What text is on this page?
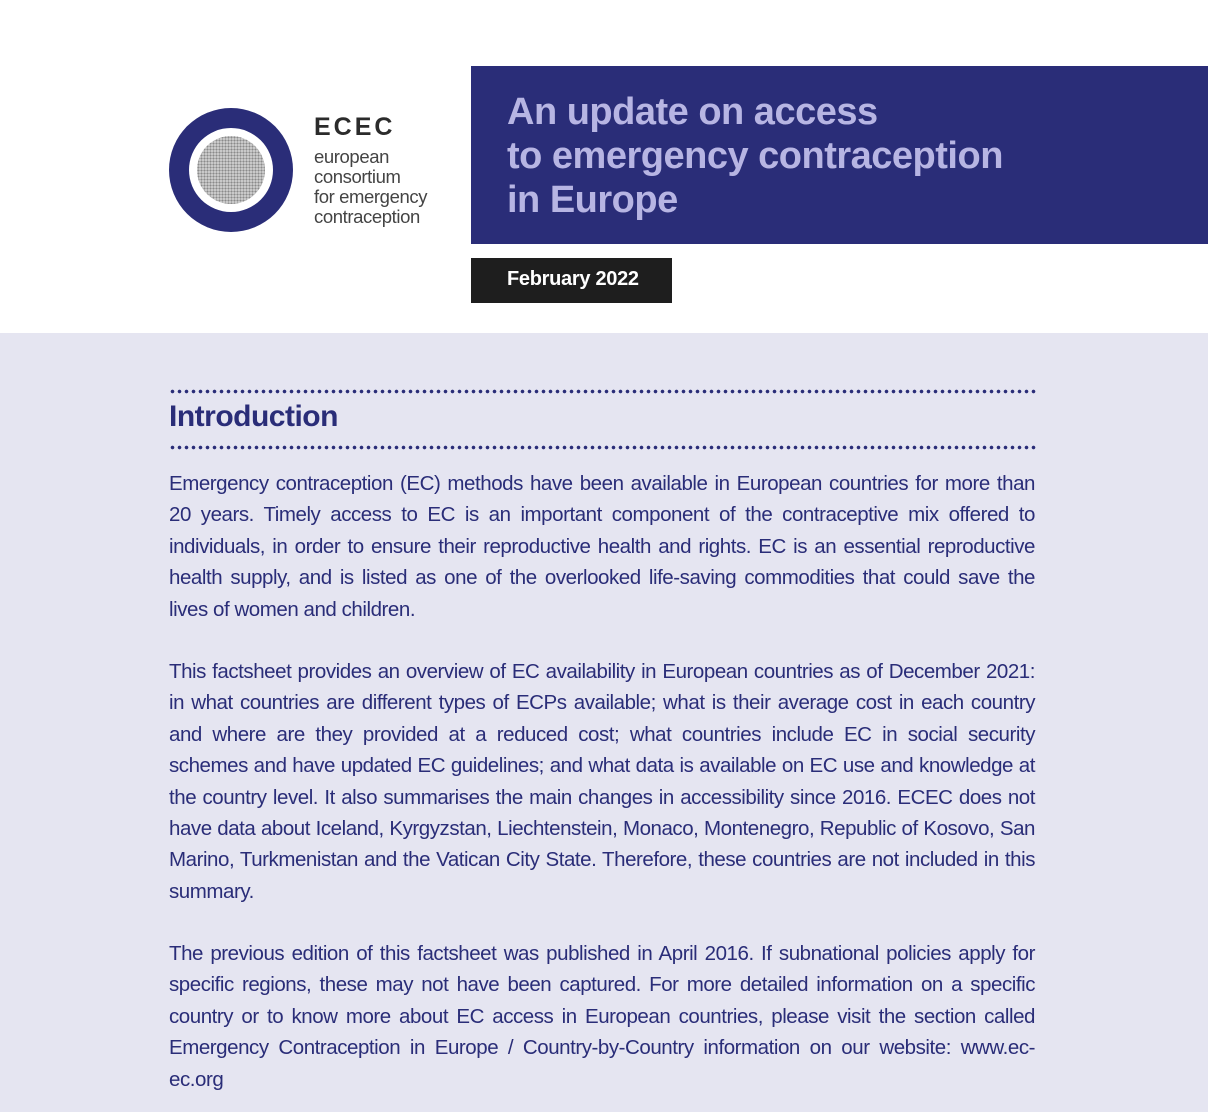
ECEC
european
consortium
for emergency
contraception
An update on access
to emergency contraception
in Europe
February 2022
Introduction

Emergency contraception (EC) methods have been available in European countries for more than 20 years. Timely access to EC is an important component of the contraceptive mix offered to individuals, in order to ensure their reproductive health and rights. EC is an essential reproductive health supply, and is listed as one of the overlooked life-saving commodities that could save the lives of women and children.

This factsheet provides an overview of EC availability in European countries as of December 2021: in what countries are different types of ECPs available; what is their average cost in each country and where are they provided at a reduced cost; what countries include EC in social security schemes and have updated EC guidelines; and what data is available on EC use and knowledge at the country level. It also summarises the main changes in accessibility since 2016. ECEC does not have data about Iceland, Kyrgyzstan, Liechtenstein, Monaco, Montenegro, Republic of Kosovo, San Marino, Turkmenistan and the Vatican City State. Therefore, these countries are not included in this summary.

The previous edition of this factsheet was published in April 2016. If subnational policies apply for specific regions, these may not have been captured. For more detailed information on a specific country or to know more about EC access in European countries, please visit the section called Emergency Contraception in Europe / Country-by-Country information on our website: www.ec-ec.org
